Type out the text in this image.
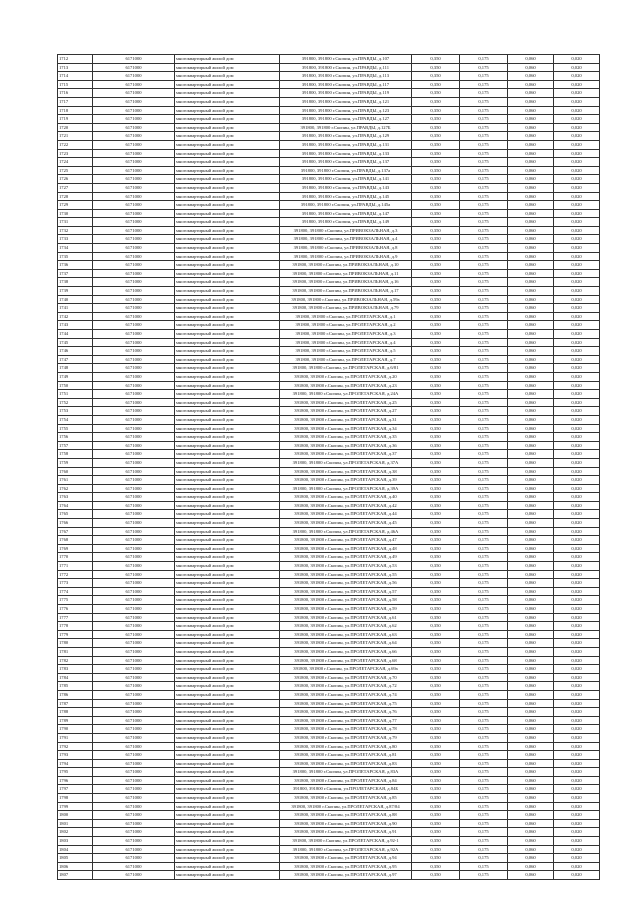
1712	6171000	многоквартирный жилой дом	391800, 391800 г.Скопин, ул.ПРАВДЫ, д.107	0,350	0,175	0,060	0,020
1713	6171000	многоквартирный жилой дом	391800, 391800 г.Скопин, ул.ПРАВДЫ, д.111	0,350	0,175	0,060	0,020
1714	6171000	многоквартирный жилой дом	391800, 391800 г.Скопин, ул.ПРАВДЫ, д.113	0,350	0,175	0,060	0,020
1715	6171000	многоквартирный жилой дом	391800, 391800 г.Скопин, ул.ПРАВДЫ, д.117	0,350	0,175	0,060	0,020
1716	6171000	многоквартирный жилой дом	391800, 391800 г.Скопин, ул.ПРАВДЫ, д.119	0,350	0,175	0,060	0,020
1717	6171000	многоквартирный жилой дом	391800, 391800 г.Скопин, ул.ПРАВДЫ, д.121	0,350	0,175	0,060	0,020
1718	6171000	многоквартирный жилой дом	391800, 391800 г.Скопин, ул.ПРАВДЫ, д.123	0,350	0,175	0,060	0,020
1719	6171000	многоквартирный жилой дом	391800, 391800 г.Скопин, ул.ПРАВДЫ, д.127	0,350	0,175	0,060	0,020
1720	6171000	многоквартирный жилой дом	391800, 391800 г.Скопин, ул.ПРАВДЫ, д.127Б	0,350	0,175	0,060	0,020
1721	6171000	многоквартирный жилой дом	391800, 391800 г.Скопин, ул.ПРАВДЫ, д.129	0,350	0,175	0,060	0,020
1722	6171000	многоквартирный жилой дом	391800, 391800 г.Скопин, ул.ПРАВДЫ, д.131	0,350	0,175	0,060	0,020
1723	6171000	многоквартирный жилой дом	391800, 391800 г.Скопин, ул.ПРАВДЫ, д.133	0,350	0,175	0,060	0,020
1724	6171000	многоквартирный жилой дом	391800, 391800 г.Скопин, ул.ПРАВДЫ, д.137	0,350	0,175	0,060	0,020
1725	6171000	многоквартирный жилой дом	391800, 391800 г.Скопин, ул.ПРАВДЫ, д.137а	0,350	0,175	0,060	0,020
1726	6171000	многоквартирный жилой дом	391800, 391800 г.Скопин, ул.ПРАВДЫ, д.141	0,350	0,175	0,060	0,020
1727	6171000	многоквартирный жилой дом	391800, 391800 г.Скопин, ул.ПРАВДЫ, д.143	0,350	0,175	0,060	0,020
1728	6171000	многоквартирный жилой дом	391800, 391800 г.Скопин, ул.ПРАВДЫ, д.145	0,350	0,175	0,060	0,020
1729	6171000	многоквартирный жилой дом	391800, 391800 г.Скопин, ул.ПРАВДЫ, д.145а	0,350	0,175	0,060	0,020
1730	6171000	многоквартирный жилой дом	391800, 391800 г.Скопин, ул.ПРАВДЫ, д.147	0,350	0,175	0,060	0,020
1731	6171000	многоквартирный жилой дом	391800, 391800 г.Скопин, ул.ПРАВДЫ, д.149	0,350	0,175	0,060	0,020
1732	6171000	многоквартирный жилой дом	391800, 391800 г.Скопин, ул.ПРИВОКЗАЛЬНАЯ, д.3	0,350	0,175	0,060	0,020
1733	6171000	многоквартирный жилой дом	391800, 391800 г.Скопин, ул.ПРИВОКЗАЛЬНАЯ, д.4	0,350	0,175	0,060	0,020
1734	6171000	многоквартирный жилой дом	391800, 391800 г.Скопин, ул.ПРИВОКЗАЛЬНАЯ, д.8	0,350	0,175	0,060	0,020
1735	6171000	многоквартирный жилой дом	391800, 391800 г.Скопин, ул.ПРИВОКЗАЛЬНАЯ, д.9	0,350	0,175	0,060	0,020
1736	6171000	многоквартирный жилой дом	391800, 391800 г.Скопин, ул.ПРИВОКЗАЛЬНАЯ, д.10	0,350	0,175	0,060	0,020
1737	6171000	многоквартирный жилой дом	391800, 391800 г.Скопин, ул.ПРИВОКЗАЛЬНАЯ, д.11	0,350	0,175	0,060	0,020
1738	6171000	многоквартирный жилой дом	391800, 391800 г.Скопин, ул.ПРИВОКЗАЛЬНАЯ, д.16	0,350	0,175	0,060	0,020
1739	6171000	многоквартирный жилой дом	391800, 391800 г.Скопин, ул.ПРИВОКЗАЛЬНАЯ, д.17	0,350	0,175	0,060	0,020
1740	6171000	многоквартирный жилой дом	391800, 391800 г.Скопин, ул.ПРИВОКЗАЛЬНАЯ, д.59а	0,350	0,175	0,060	0,020
1741	6171000	многоквартирный жилой дом	391800, 391800 г.Скопин, ул.ПРИВОКЗАЛЬНАЯ, д.79	0,350	0,175	0,060	0,020
1742	6171000	многоквартирный жилой дом	391800, 391800 г.Скопин, ул.ПРОЛЕТАРСКАЯ, д.1	0,350	0,175	0,060	0,020
1743	6171000	многоквартирный жилой дом	391800, 391800 г.Скопин, ул.ПРОЛЕТАРСКАЯ, д.2	0,350	0,175	0,060	0,020
1744	6171000	многоквартирный жилой дом	391800, 391800 г.Скопин, ул.ПРОЛЕТАРСКАЯ, д.3	0,350	0,175	0,060	0,020
1745	6171000	многоквартирный жилой дом	391800, 391800 г.Скопин, ул.ПРОЛЕТАРСКАЯ, д.4	0,350	0,175	0,060	0,020
1746	6171000	многоквартирный жилой дом	391800, 391800 г.Скопин, ул.ПРОЛЕТАРСКАЯ, д.5	0,350	0,175	0,060	0,020
1747	6171000	многоквартирный жилой дом	391800, 391800 г.Скопин, ул.ПРОЛЕТАРСКАЯ, д.7	0,350	0,175	0,060	0,020
1748	6171000	многоквартирный жилой дом	391800, 391800 г.Скопин, ул.ПРОЛЕТАРСКАЯ, д.6/81	0,350	0,175	0,060	0,020
1749	6171000	многоквартирный жилой дом	391800, 391800 г.Скопин, ул.ПРОЛЕТАРСКАЯ, д.20	0,350	0,175	0,060	0,020
1750	6171000	многоквартирный жилой дом	391800, 391800 г.Скопин, ул.ПРОЛЕТАРСКАЯ, д.23	0,350	0,175	0,060	0,020
1751	6171000	многоквартирный жилой дом	391800, 391800 г.Скопин, ул.ПРОЛЕТАРСКАЯ, д.24А	0,350	0,175	0,060	0,020
1752	6171000	многоквартирный жилой дом	391800, 391800 г.Скопин, ул.ПРОЛЕТАРСКАЯ, д.25	0,350	0,175	0,060	0,020
1753	6171000	многоквартирный жилой дом	391800, 391800 г.Скопин, ул.ПРОЛЕТАРСКАЯ, д.27	0,350	0,175	0,060	0,020
1754	6171000	многоквартирный жилой дом	391800, 391800 г.Скопин, ул.ПРОЛЕТАРСКАЯ, д.31	0,350	0,175	0,060	0,020
1755	6171000	многоквартирный жилой дом	391800, 391800 г.Скопин, ул.ПРОЛЕТАРСКАЯ, д.34	0,350	0,175	0,060	0,020
1756	6171000	многоквартирный жилой дом	391800, 391800 г.Скопин, ул.ПРОЛЕТАРСКАЯ, д.35	0,350	0,175	0,060	0,020
1757	6171000	многоквартирный жилой дом	391800, 391800 г.Скопин, ул.ПРОЛЕТАРСКАЯ, д.36	0,350	0,175	0,060	0,020
1758	6171000	многоквартирный жилой дом	391800, 391800 г.Скопин, ул.ПРОЛЕТАРСКАЯ, д.37	0,350	0,175	0,060	0,020
1759	6171000	многоквартирный жилой дом	391800, 391800 г.Скопин, ул.ПРОЛЕТАРСКАЯ, д.37А	0,350	0,175	0,060	0,020
1760	6171000	многоквартирный жилой дом	391800, 391800 г.Скопин, ул.ПРОЛЕТАРСКАЯ, д.38	0,350	0,175	0,060	0,020
1761	6171000	многоквартирный жилой дом	391800, 391800 г.Скопин, ул.ПРОЛЕТАРСКАЯ, д.39	0,350	0,175	0,060	0,020
1762	6171000	многоквартирный жилой дом	391800, 391800 г.Скопин, ул.ПРОЛЕТАРСКАЯ, д.39А	0,350	0,175	0,060	0,020
1763	6171000	многоквартирный жилой дом	391800, 391800 г.Скопин, ул.ПРОЛЕТАРСКАЯ, д.40	0,350	0,175	0,060	0,020
1764	6171000	многоквартирный жилой дом	391800, 391800 г.Скопин, ул.ПРОЛЕТАРСКАЯ, д.42	0,350	0,175	0,060	0,020
1765	6171000	многоквартирный жилой дом	391800, 391800 г.Скопин, ул.ПРОЛЕТАРСКАЯ, д.44	0,350	0,175	0,060	0,020
1766	6171000	многоквартирный жилой дом	391800, 391800 г.Скопин, ул.ПРОЛЕТАРСКАЯ, д.45	0,350	0,175	0,060	0,020
1767	6171000	многоквартирный жилой дом	391800, 391800 г.Скопин, ул.ПРОЛЕТАРСКАЯ, д.46А	0,350	0,175	0,060	0,020
1768	6171000	многоквартирный жилой дом	391800, 391800 г.Скопин, ул.ПРОЛЕТАРСКАЯ, д.47	0,350	0,175	0,060	0,020
1769	6171000	многоквартирный жилой дом	391800, 391800 г.Скопин, ул.ПРОЛЕТАРСКАЯ, д.48	0,350	0,175	0,060	0,020
1770	6171000	многоквартирный жилой дом	391800, 391800 г.Скопин, ул.ПРОЛЕТАРСКАЯ, д.49	0,350	0,175	0,060	0,020
1771	6171000	многоквартирный жилой дом	391800, 391800 г.Скопин, ул.ПРОЛЕТАРСКАЯ, д.53	0,350	0,175	0,060	0,020
1772	6171000	многоквартирный жилой дом	391800, 391800 г.Скопин, ул.ПРОЛЕТАРСКАЯ, д.55	0,350	0,175	0,060	0,020
1773	6171000	многоквартирный жилой дом	391800, 391800 г.Скопин, ул.ПРОЛЕТАРСКАЯ, д.56	0,350	0,175	0,060	0,020
1774	6171000	многоквартирный жилой дом	391800, 391800 г.Скопин, ул.ПРОЛЕТАРСКАЯ, д.57	0,350	0,175	0,060	0,020
1775	6171000	многоквартирный жилой дом	391800, 391800 г.Скопин, ул.ПРОЛЕТАРСКАЯ, д.58	0,350	0,175	0,060	0,020
1776	6171000	многоквартирный жилой дом	391800, 391800 г.Скопин, ул.ПРОЛЕТАРСКАЯ, д.59	0,350	0,175	0,060	0,020
1777	6171000	многоквартирный жилой дом	391800, 391800 г.Скопин, ул.ПРОЛЕТАРСКАЯ, д.61	0,350	0,175	0,060	0,020
1778	6171000	многоквартирный жилой дом	391800, 391800 г.Скопин, ул.ПРОЛЕТАРСКАЯ, д.62	0,350	0,175	0,060	0,020
1779	6171000	многоквартирный жилой дом	391800, 391800 г.Скопин, ул.ПРОЛЕТАРСКАЯ, д.63	0,350	0,175	0,060	0,020
1780	6171000	многоквартирный жилой дом	391800, 391800 г.Скопин, ул.ПРОЛЕТАРСКАЯ, д.64	0,350	0,175	0,060	0,020
1781	6171000	многоквартирный жилой дом	391800, 391800 г.Скопин, ул.ПРОЛЕТАРСКАЯ, д.66	0,350	0,175	0,060	0,020
1782	6171000	многоквартирный жилой дом	391800, 391800 г.Скопин, ул.ПРОЛЕТАРСКАЯ, д.68	0,350	0,175	0,060	0,020
1783	6171000	многоквартирный жилой дом	391800, 391800 г.Скопин, ул.ПРОЛЕТАРСКАЯ, д.69а	0,350	0,175	0,060	0,020
1784	6171000	многоквартирный жилой дом	391800, 391800 г.Скопин, ул.ПРОЛЕТАРСКАЯ, д.70	0,350	0,175	0,060	0,020
1785	6171000	многоквартирный жилой дом	391800, 391800 г.Скопин, ул.ПРОЛЕТАРСКАЯ, д.72	0,350	0,175	0,060	0,020
1786	6171000	многоквартирный жилой дом	391800, 391800 г.Скопин, ул.ПРОЛЕТАРСКАЯ, д.74	0,350	0,175	0,060	0,020
1787	6171000	многоквартирный жилой дом	391800, 391800 г.Скопин, ул.ПРОЛЕТАРСКАЯ, д.75	0,350	0,175	0,060	0,020
1788	6171000	многоквартирный жилой дом	391800, 391800 г.Скопин, ул.ПРОЛЕТАРСКАЯ, д.76	0,350	0,175	0,060	0,020
1789	6171000	многоквартирный жилой дом	391800, 391800 г.Скопин, ул.ПРОЛЕТАРСКАЯ, д.77	0,350	0,175	0,060	0,020
1790	6171000	многоквартирный жилой дом	391800, 391800 г.Скопин, ул.ПРОЛЕТАРСКАЯ, д.78	0,350	0,175	0,060	0,020
1791	6171000	многоквартирный жилой дом	391800, 391800 г.Скопин, ул.ПРОЛЕТАРСКАЯ, д.79	0,350	0,175	0,060	0,020
1792	6171000	многоквартирный жилой дом	391800, 391800 г.Скопин, ул.ПРОЛЕТАРСКАЯ, д.80	0,350	0,175	0,060	0,020
1793	6171000	многоквартирный жилой дом	391800, 391800 г.Скопин, ул.ПРОЛЕТАРСКАЯ, д.81	0,350	0,175	0,060	0,020
1794	6171000	многоквартирный жилой дом	391800, 391800 г.Скопин, ул.ПРОЛЕТАРСКАЯ, д.83	0,350	0,175	0,060	0,020
1795	6171000	многоквартирный жилой дом	391800, 391800 г.Скопин, ул.ПРОЛЕТАРСКАЯ, д.83А	0,350	0,175	0,060	0,020
1796	6171000	многоквартирный жилой дом	391800, 391800 г.Скопин, ул.ПРОЛЕТАРСКАЯ, д.84	0,350	0,175	0,060	0,020
1797	6171000	многоквартирный жилой дом	391800, 391800 г.Скопин, ул.ПРОЛЕТАРСКАЯ, д.84Б	0,350	0,175	0,060	0,020
1798	6171000	многоквартирный жилой дом	391800, 391800 г.Скопин, ул.ПРОЛЕТАРСКАЯ, д.85	0,350	0,175	0,060	0,020
1799	6171000	многоквартирный жилой дом	391800, 391800 г.Скопин, ул.ПРОЛЕТАРСКАЯ, д.87/84	0,350	0,175	0,060	0,020
1800	6171000	многоквартирный жилой дом	391800, 391800 г.Скопин, ул.ПРОЛЕТАРСКАЯ, д.88	0,350	0,175	0,060	0,020
1801	6171000	многоквартирный жилой дом	391800, 391800 г.Скопин, ул.ПРОЛЕТАРСКАЯ, д.90	0,350	0,175	0,060	0,020
1802	6171000	многоквартирный жилой дом	391800, 391800 г.Скопин, ул.ПРОЛЕТАРСКАЯ, д.91	0,350	0,175	0,060	0,020
1803	6171000	многоквартирный жилой дом	391800, 391800 г.Скопин, ул.ПРОЛЕТАРСКАЯ, д.92-1	0,350	0,175	0,060	0,020
1804	6171000	многоквартирный жилой дом	391800, 391800 г.Скопин, ул.ПРОЛЕТАРСКАЯ, д.92А	0,350	0,175	0,060	0,020
1805	6171000	многоквартирный жилой дом	391800, 391800 г.Скопин, ул.ПРОЛЕТАРСКАЯ, д.94	0,350	0,175	0,060	0,020
1806	6171000	многоквартирный жилой дом	391800, 391800 г.Скопин, ул.ПРОЛЕТАРСКАЯ, д.95	0,350	0,175	0,060	0,020
1807	6171000	многоквартирный жилой дом	391800, 391800 г.Скопин, ул.ПРОЛЕТАРСКАЯ, д.97	0,350	0,175	0,060	0,020
